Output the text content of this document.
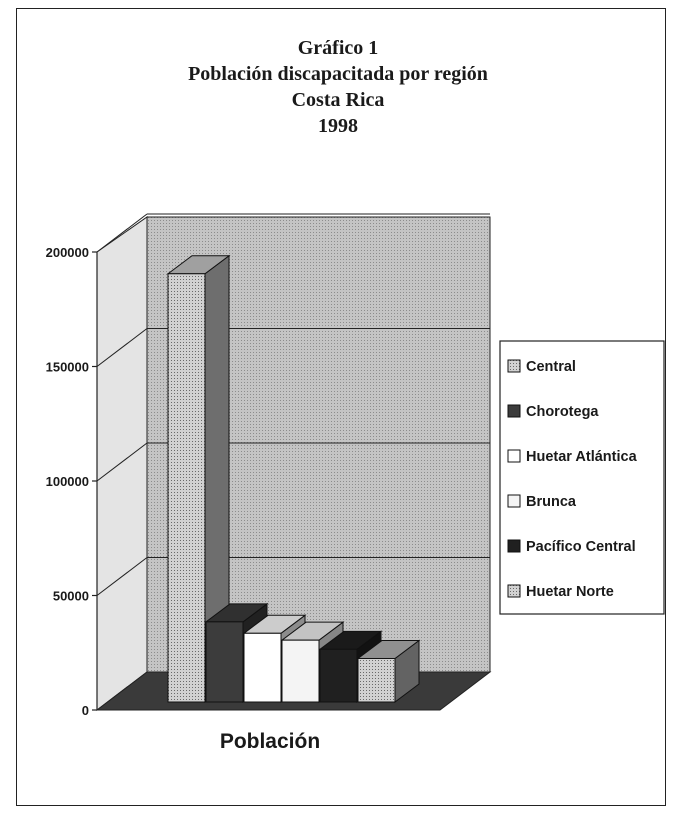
Gráfico 1
Población discapacitada por región
Costa Rica
1998
0
50000
100000
150000
200000
Población
Central
Chorotega
Huetar Atlántica
Brunca
Pacífico Central
Huetar Norte
